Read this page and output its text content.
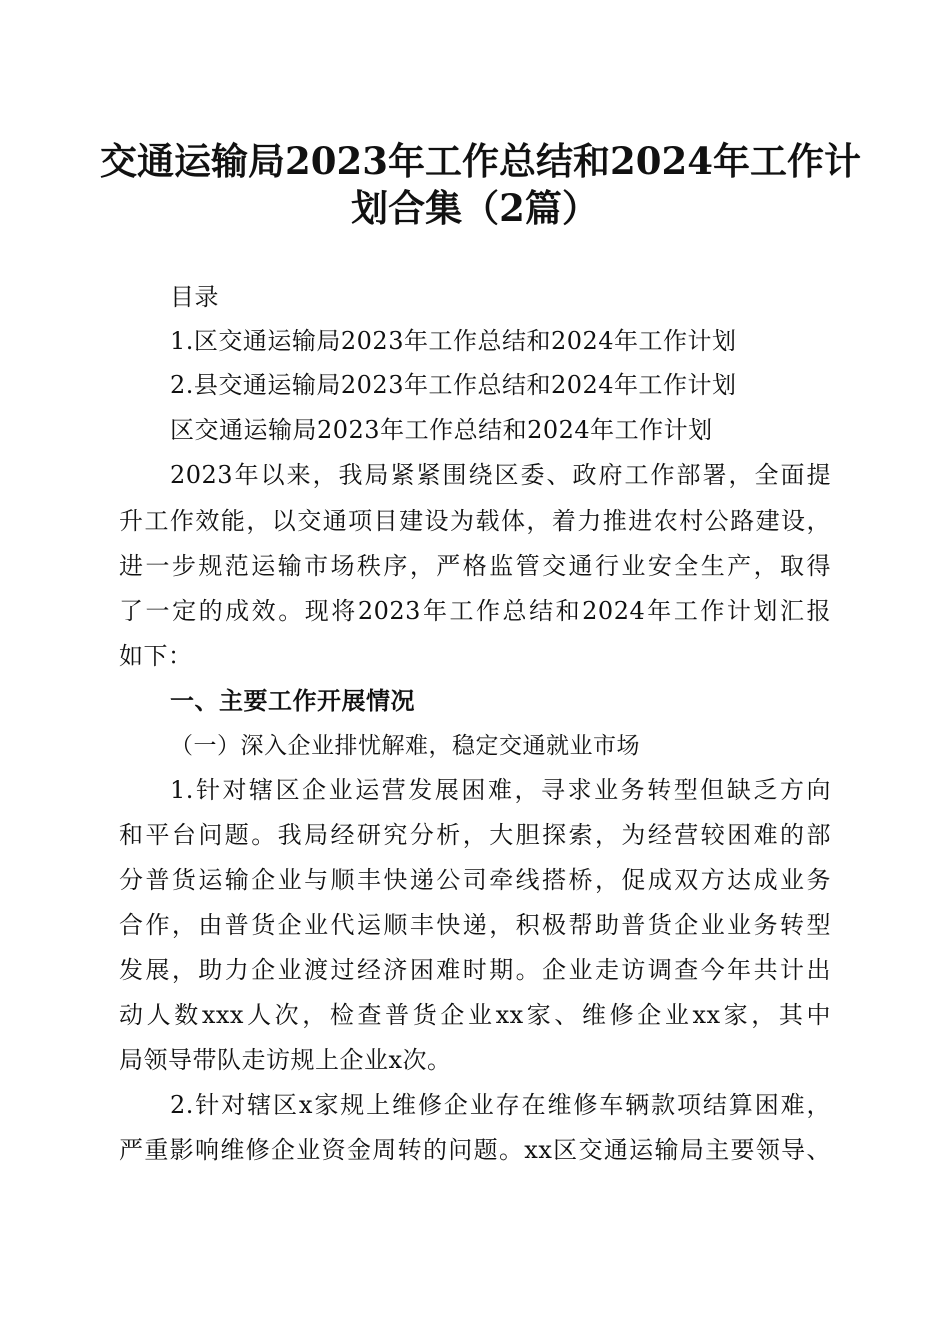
交通运输局2023年工作总结和2024年工作计
划合集（2篇）
目录
1.区交通运输局2023年工作总结和2024年工作计划
2.县交通运输局2023年工作总结和2024年工作计划
区交通运输局2023年工作总结和2024年工作计划
2023年以来，我局紧紧围绕区委、政府工作部署，全面提
升工作效能，以交通项目建设为载体，着力推进农村公路建设，
进一步规范运输市场秩序，严格监管交通行业安全生产，取得
了一定的成效。现将2023年工作总结和2024年工作计划汇报
如下：
一、主要工作开展情况
（一）深入企业排忧解难，稳定交通就业市场
1.针对辖区企业运营发展困难，寻求业务转型但缺乏方向
和平台问题。我局经研究分析，大胆探索，为经营较困难的部
分普货运输企业与顺丰快递公司牵线搭桥，促成双方达成业务
合作，由普货企业代运顺丰快递，积极帮助普货企业业务转型
发展，助力企业渡过经济困难时期。企业走访调查今年共计出
动人数xxx人次，检查普货企业xx家、维修企业xx家，其中
局领导带队走访规上企业x次。
2.针对辖区x家规上维修企业存在维修车辆款项结算困难，
严重影响维修企业资金周转的问题。xx区交通运输局主要领导、
